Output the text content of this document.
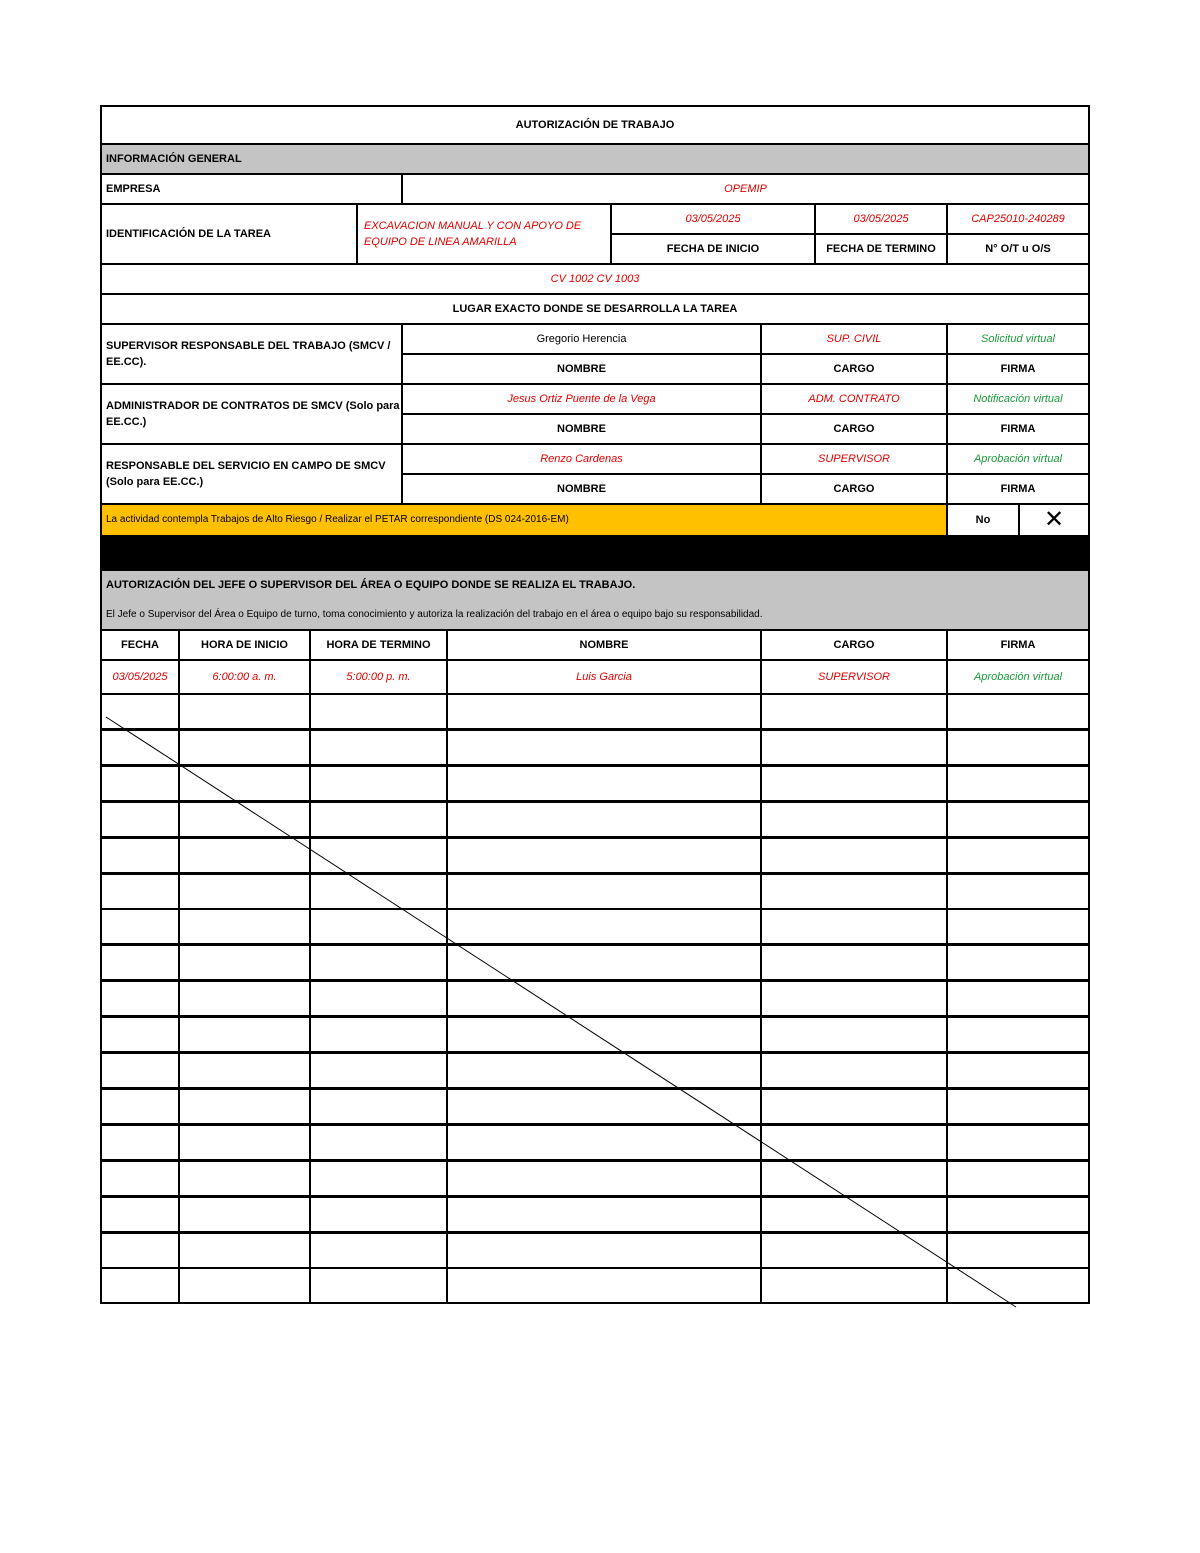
AUTORIZACIÓN DE TRABAJO
INFORMACIÓN GENERAL
EMPRESA	OPEMIP
IDENTIFICACIÓN DE LA TAREA
EXCAVACION MANUAL Y CON APOYO DE EQUIPO DE LINEA AMARILLA
03/05/2025	03/05/2025	CAP25010-240289
FECHA DE INICIO	FECHA DE TERMINO	N° O/T u O/S
CV 1002 CV 1003
LUGAR EXACTO DONDE SE DESARROLLA LA TAREA
SUPERVISOR RESPONSABLE DEL TRABAJO (SMCV / EE.CC).
Gregorio Herencia	SUP. CIVIL	Solicitud virtual
NOMBRE	CARGO	FIRMA
ADMINISTRADOR DE CONTRATOS DE SMCV (Solo para EE.CC.)
Jesus Ortiz Puente de la Vega	ADM. CONTRATO	Notificación virtual
NOMBRE	CARGO	FIRMA
RESPONSABLE DEL SERVICIO EN CAMPO DE SMCV (Solo para EE.CC.)
Renzo Cardenas	SUPERVISOR	Aprobación virtual
NOMBRE	CARGO	FIRMA
La actividad contempla Trabajos de Alto Riesgo / Realizar el PETAR correspondiente (DS 024-2016-EM)	No	✕
AUTORIZACIÓN DEL JEFE O SUPERVISOR DEL ÁREA O EQUIPO DONDE SE REALIZA EL TRABAJO.
El Jefe o Supervisor del Área o Equipo de turno, toma conocimiento y autoriza la realización del trabajo en el área o equipo bajo su responsabilidad.
FECHA	HORA DE INICIO	HORA DE TERMINO	NOMBRE	CARGO	FIRMA
03/05/2025	6:00:00 a. m.	5:00:00 p. m.	Luis Garcia	SUPERVISOR	Aprobación virtual
